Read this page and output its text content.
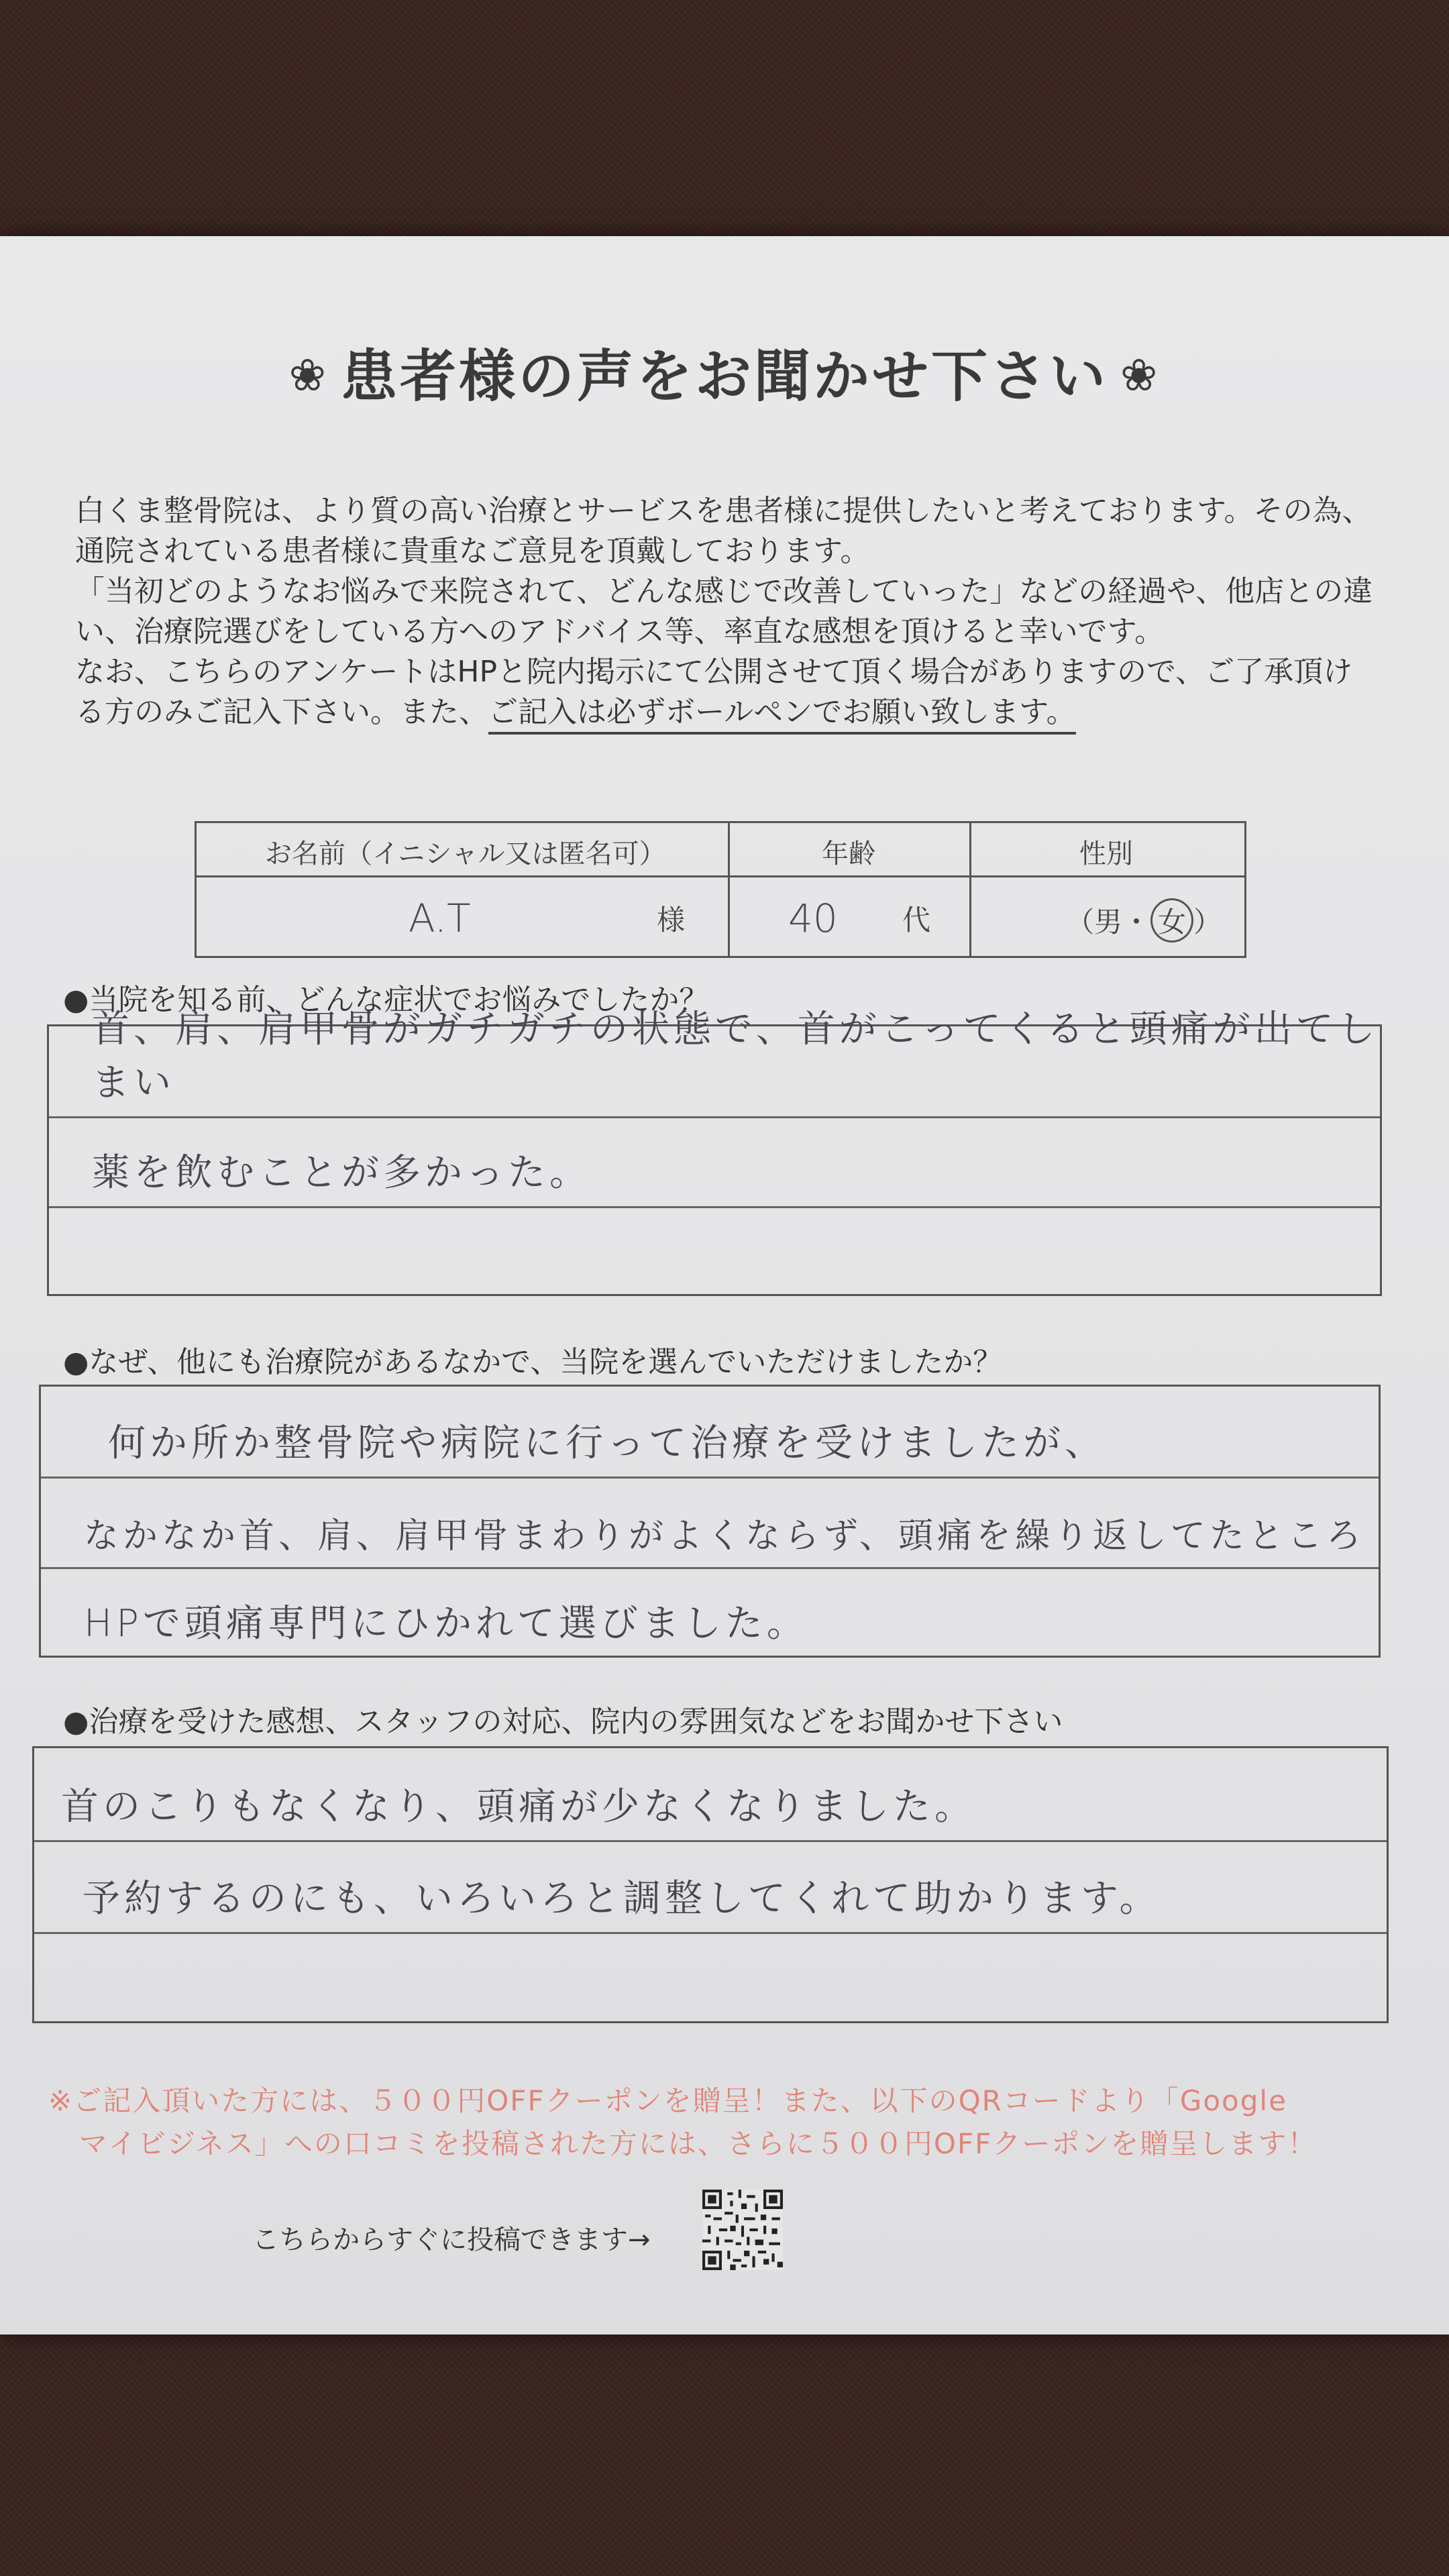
❀ 患者様の声をお聞かせ下さい ❀

白くま整骨院は、より質の高い治療とサービスを患者様に提供したいと考えております。その為、

通院されている患者様に貴重なご意見を頂戴しております。

「当初どのようなお悩みで来院されて、どんな感じで改善していった」などの経過や、他店との違

い、治療院選びをしている方へのアドバイス等、率直な感想を頂けると幸いです。

なお、こちらのアンケートはHPと院内掲示にて公開させて頂く場合がありますので、ご了承頂け

る方のみご記入下さい。また、ご記入は必ずボールペンでお願い致します。

お名前（イニシャル又は匿名可）	年齢	性別
A.T	様	40 代	（男・ 女 ）
●当院を知る前、どんな症状でお悩みでしたか？
首、肩、肩甲骨がガチガチの状態で、首がこってくると頭痛が出てしまい
薬を飲むことが多かった。
●なぜ、他にも治療院があるなかで、当院を選んでいただけましたか？
何か所か整骨院や病院に行って治療を受けましたが、
なかなか首、肩、肩甲骨まわりがよくならず、頭痛を繰り返してたところ
HPで頭痛専門にひかれて選びました。
●治療を受けた感想、スタッフの対応、院内の雰囲気などをお聞かせ下さい
首のこりもなくなり、頭痛が少なくなりました。
予約するのにも、いろいろと調整してくれて助かります。

※ご記入頂いた方には、５００円OFFクーポンを贈呈！また、以下のQRコードより「Google

マイビジネス」への口コミを投稿された方には、さらに５００円OFFクーポンを贈呈します！

こちらからすぐに投稿できます→
